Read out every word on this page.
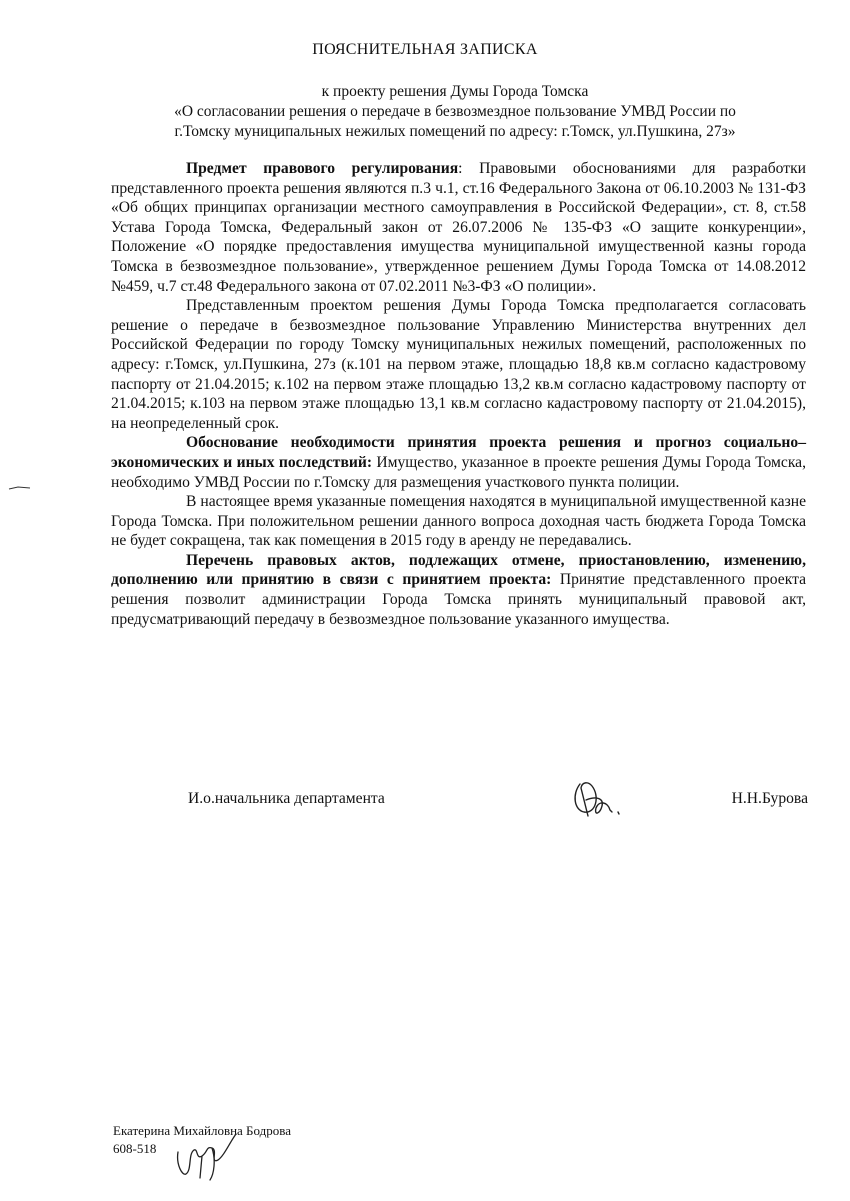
ПОЯСНИТЕЛЬНАЯ ЗАПИСКА
к проекту решения Думы Города Томска
«О согласовании решения о передаче в безвозмездное пользование УМВД России по
г.Томску муниципальных нежилых помещений по адресу: г.Томск, ул.Пушкина, 27з»

Предмет правового регулирования: Правовыми обоснованиями для разработки представленного проекта решения являются п.3 ч.1, ст.16 Федерального Закона от 06.10.2003 № 131-ФЗ «Об общих принципах организации местного самоуправления в Российской Федерации», ст. 8, ст.58 Устава Города Томска, Федеральный закон от 26.07.2006 № 135-ФЗ «О защите конкуренции», Положение «О порядке предоставления имущества муниципальной имущественной казны города Томска в безвозмездное пользование», утвержденное решением Думы Города Томска от 14.08.2012 №459, ч.7 ст.48 Федерального закона от 07.02.2011 №3-ФЗ «О полиции».

Представленным проектом решения Думы Города Томска предполагается согласовать решение о передаче в безвозмездное пользование Управлению Министерства внутренних дел Российской Федерации по городу Томску муниципальных нежилых помещений, расположенных по адресу: г.Томск, ул.Пушкина, 27з (к.101 на первом этаже, площадью 18,8 кв.м согласно кадастровому паспорту от 21.04.2015; к.102 на первом этаже площадью 13,2 кв.м согласно кадастровому паспорту от 21.04.2015; к.103 на первом этаже площадью 13,1 кв.м согласно кадастровому паспорту от 21.04.2015), на неопределенный срок.

Обоснование необходимости принятия проекта решения и прогноз социально–экономических и иных последствий: Имущество, указанное в проекте решения Думы Города Томска, необходимо УМВД России по г.Томску для размещения участкового пункта полиции.

В настоящее время указанные помещения находятся в муниципальной имущественной казне Города Томска. При положительном решении данного вопроса доходная часть бюджета Города Томска не будет сокращена, так как помещения в 2015 году в аренду не передавались.

Перечень правовых актов, подлежащих отмене, приостановлению, изменению, дополнению или принятию в связи с принятием проекта: Принятие представленного проекта решения позволит администрации Города Томска принять муниципальный правовой акт, предусматривающий передачу в безвозмездное пользование указанного имущества.

И.о.начальника департамента	Н.Н.Бурова
Екатерина Михайловна Бодрова
608-518
